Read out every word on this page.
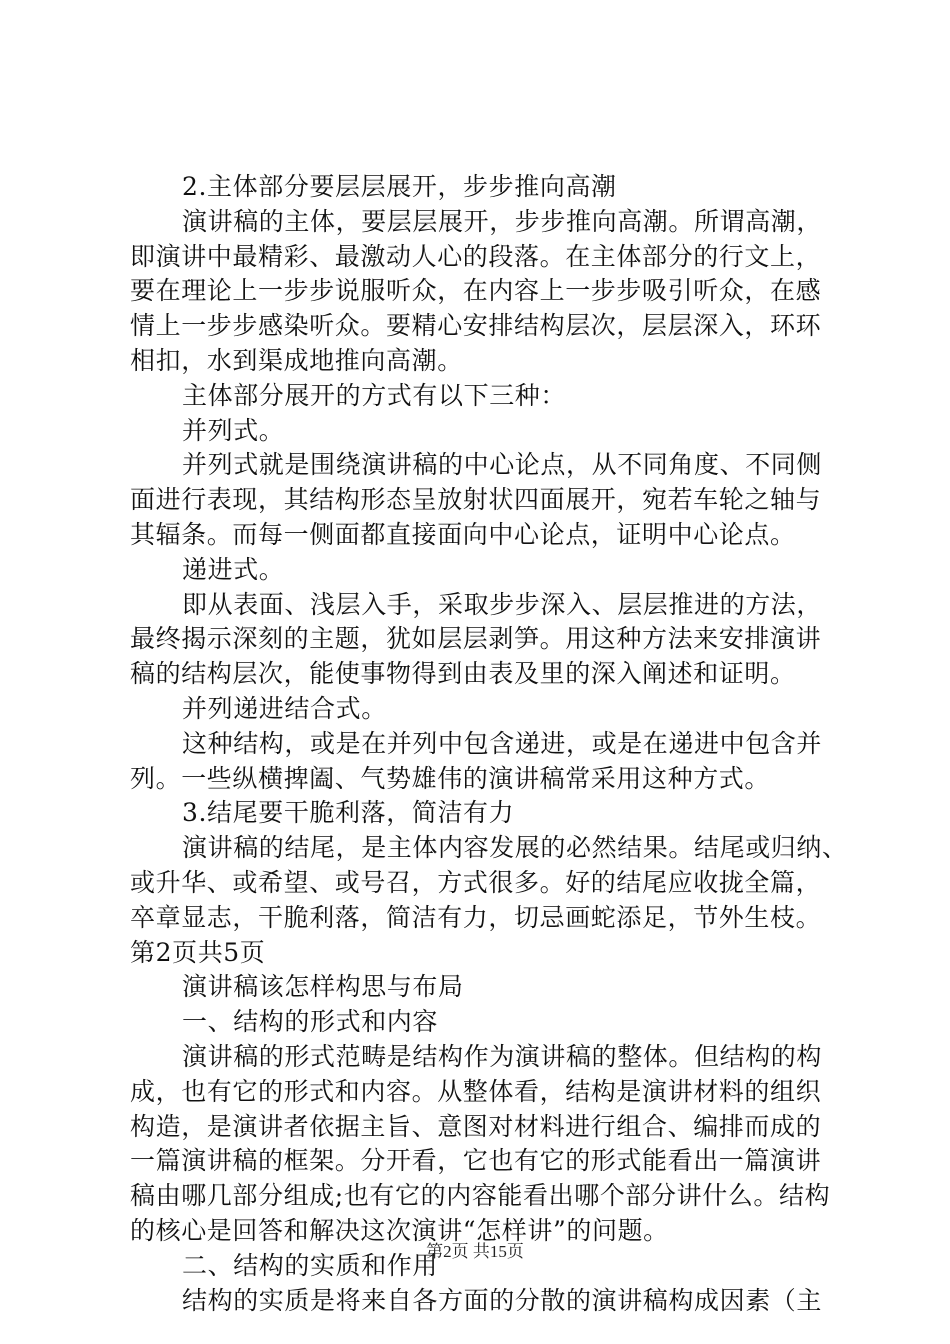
2.主体部分要层层展开，步步推向高潮

演讲稿的主体，要层层展开，步步推向高潮。所谓高潮，

即演讲中最精彩、最激动人心的段落。在主体部分的行文上，

要在理论上一步步说服听众，在内容上一步步吸引听众，在感

情上一步步感染听众。要精心安排结构层次，层层深入，环环

相扣，水到渠成地推向高潮。

主体部分展开的方式有以下三种：

并列式。

并列式就是围绕演讲稿的中心论点，从不同角度、不同侧

面进行表现，其结构形态呈放射状四面展开，宛若车轮之轴与

其辐条。而每一侧面都直接面向中心论点，证明中心论点。

递进式。

即从表面、浅层入手，采取步步深入、层层推进的方法，

最终揭示深刻的主题，犹如层层剥笋。用这种方法来安排演讲

稿的结构层次，能使事物得到由表及里的深入阐述和证明。

并列递进结合式。

这种结构，或是在并列中包含递进，或是在递进中包含并

列。一些纵横捭阖、气势雄伟的演讲稿常采用这种方式。

3.结尾要干脆利落，简洁有力

演讲稿的结尾，是主体内容发展的必然结果。结尾或归纳、

或升华、或希望、或号召，方式很多。好的结尾应收拢全篇，

卒章显志，干脆利落，简洁有力，切忌画蛇添足，节外生枝。

第2页共5页

演讲稿该怎样构思与布局

一、结构的形式和内容

演讲稿的形式范畴是结构作为演讲稿的整体。但结构的构

成，也有它的形式和内容。从整体看，结构是演讲材料的组织

构造，是演讲者依据主旨、意图对材料进行组合、编排而成的

一篇演讲稿的框架。分开看，它也有它的形式能看出一篇演讲

稿由哪几部分组成;也有它的内容能看出哪个部分讲什么。结构

的核心是回答和解决这次演讲“怎样讲”的问题。

二、结构的实质和作用

结构的实质是将来自各方面的分散的演讲稿构成因素（主

第2页 共15页
